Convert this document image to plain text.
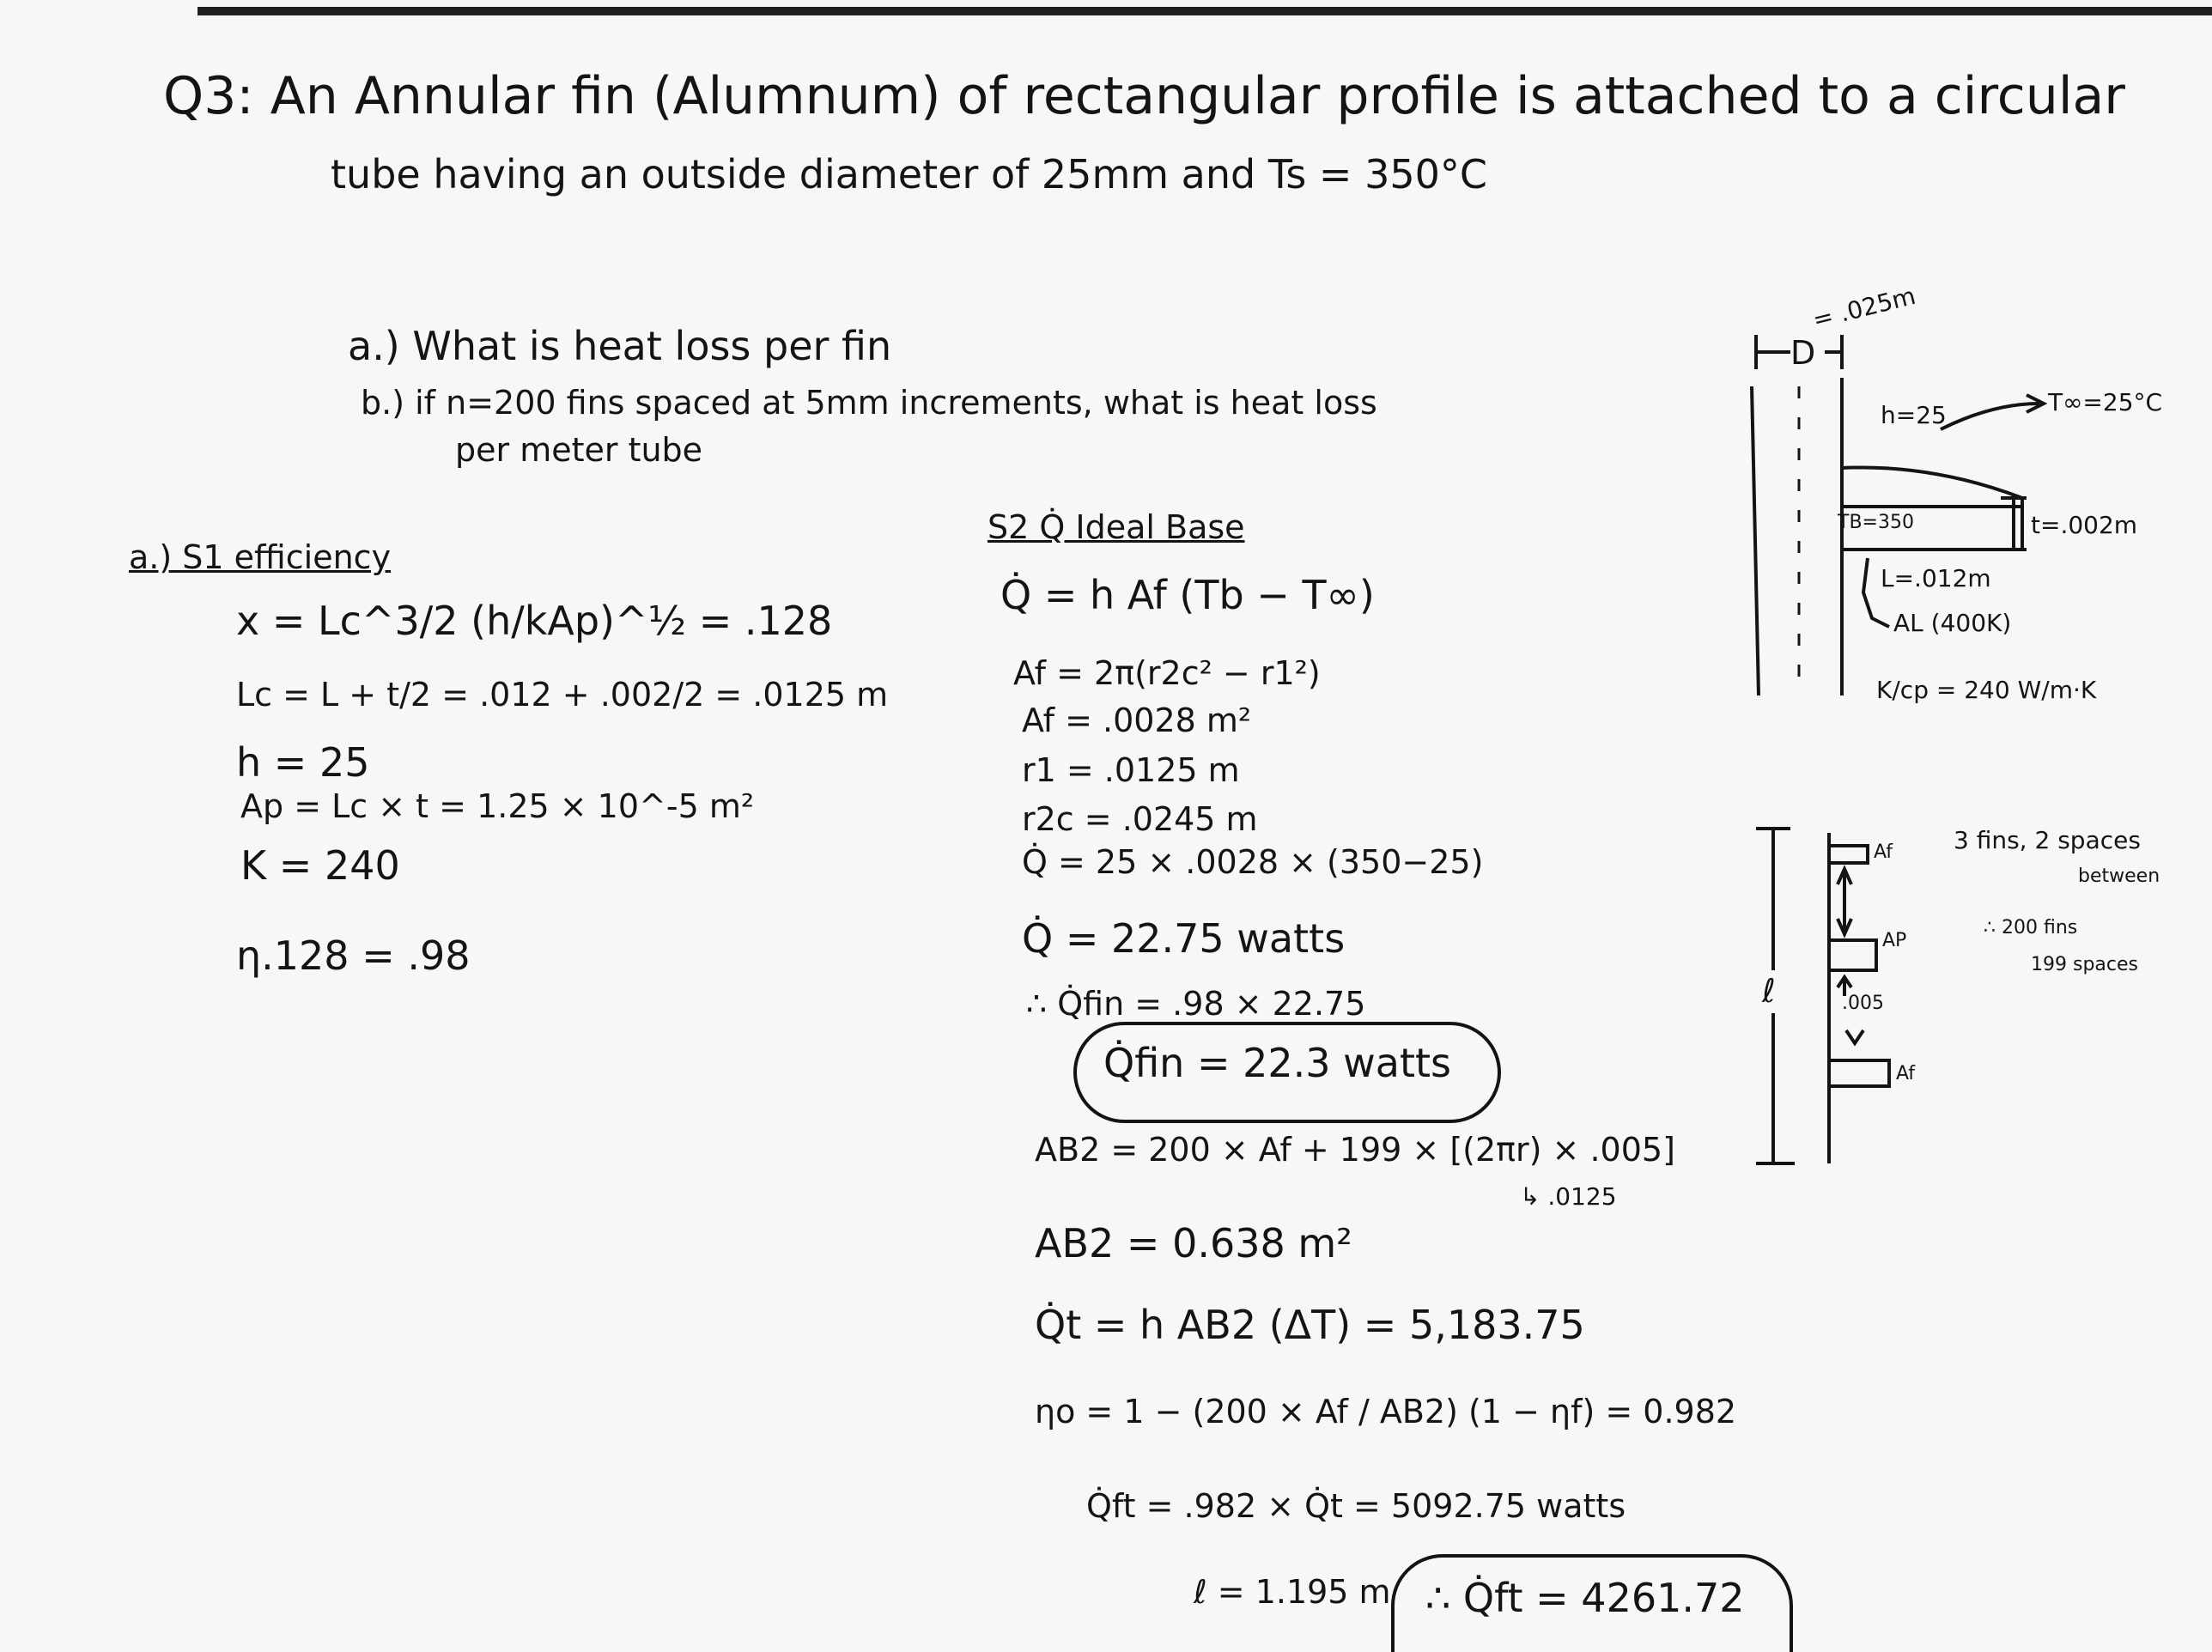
Q3: An Annular fin (Alumnum) of rectangular profile is attached to a circular
tube having an outside diameter of 25mm and Ts = 350°C
a.) What is heat loss per fin
b.) if n=200 fins spaced at 5mm increments, what is heat loss
per meter tube
a.) S1 efficiency
x = Lc^3/2 (h/kAp)^½ = .128
Lc = L + t/2 = .012 + .002/2 = .0125 m
h = 25
Ap = Lc × t = 1.25 × 10^-5 m²
K = 240
η.128 = .98
S2 Q̇ Ideal Base
Q̇ = h Af (Tb − T∞)
Af = 2π(r2c² − r1²)
Af = .0028 m²
r1 = .0125 m
r2c = .0245 m
Q̇ = 25 × .0028 × (350−25)
Q̇ = 22.75 watts
∴ Q̇fin = .98 × 22.75
Q̇fin = 22.3 watts
AB2 = 200 × Af + 199 × [(2πr) × .005]
↳ .0125
AB2 = 0.638 m²
Q̇t = h AB2 (ΔT) = 5,183.75
ηo = 1 − (200 × Af / AB2) (1 − ηf) = 0.982
Q̇ft = .982 × Q̇t = 5092.75 watts
ℓ = 1.195 m ∴ Q̇ft = 4261.72
= .025m
D
h=25	T∞=25°C
TB=350	t=.002m
L=.012m
AL (400K)
K/cp = 240 W/m·K
Af
AP
.005
Af
ℓ
3 fins, 2 spaces
between
∴ 200 fins
199 spaces
